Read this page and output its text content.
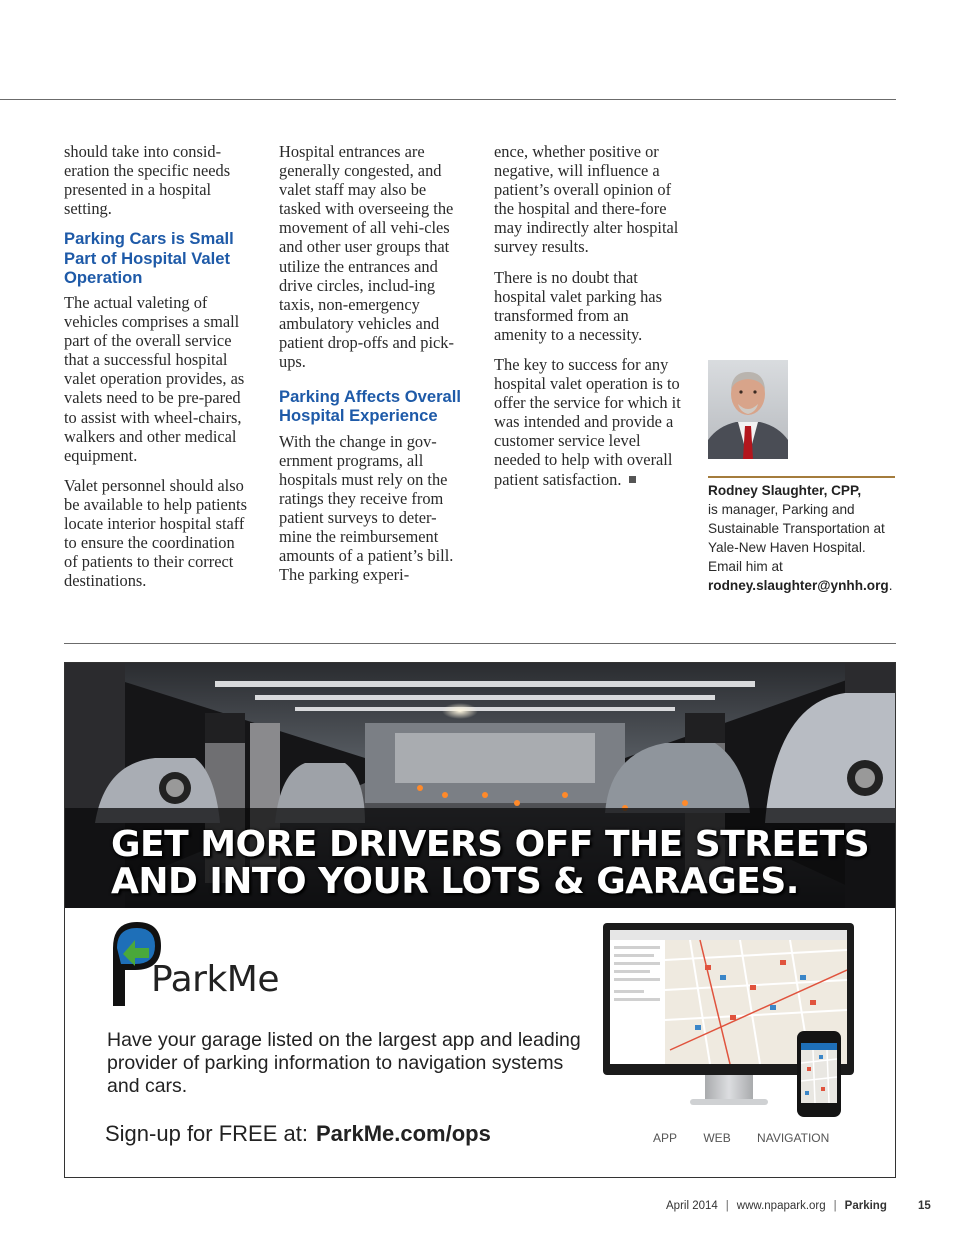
should take into consid-eration the specific needs presented in a hospital setting.

Parking Cars is Small Part of Hospital Valet Operation

The actual valeting of vehicles comprises a small part of the overall service that a successful hospital valet operation provides, as valets need to be pre-pared to assist with wheel-chairs, walkers and other medical equipment.

Valet personnel should also be available to help patients locate interior hospital staff to ensure the coordination of patients to their correct destinations.

Hospital entrances are generally congested, and valet staff may also be tasked with overseeing the movement of all vehi-cles and other user groups that utilize the entrances and drive circles, includ-ing taxis, non-emergency ambulatory vehicles and patient drop-offs and pick-ups.

Parking Affects Overall Hospital Experience

With the change in gov-ernment programs, all hospitals must rely on the ratings they receive from patient surveys to deter-mine the reimbursement amounts of a patient’s bill. The parking experi-

ence, whether positive or negative, will influence a patient’s overall opinion of the hospital and there-fore may indirectly alter hospital survey results.

There is no doubt that hospital valet parking has transformed from an amenity to a necessity.

The key to success for any hospital valet operation is to offer the service for which it was intended and provide a customer service level needed to help with overall patient satisfaction.

Rodney Slaughter, CPP,
is manager, Parking and Sustainable Transportation at Yale-New Haven Hospital. Email him at rodney.slaughter@ynhh.org.
GET MORE DRIVERS OFF THE STREETS
AND INTO YOUR LOTS & GARAGES.
ParkMe
Have your garage listed on the largest app and leading provider of parking information to navigation systems and cars.
Sign-up for FREE at: ParkMe.com/ops	APP WEB NAVIGATION
April 2014 | www.npapark.org | Parking	15
